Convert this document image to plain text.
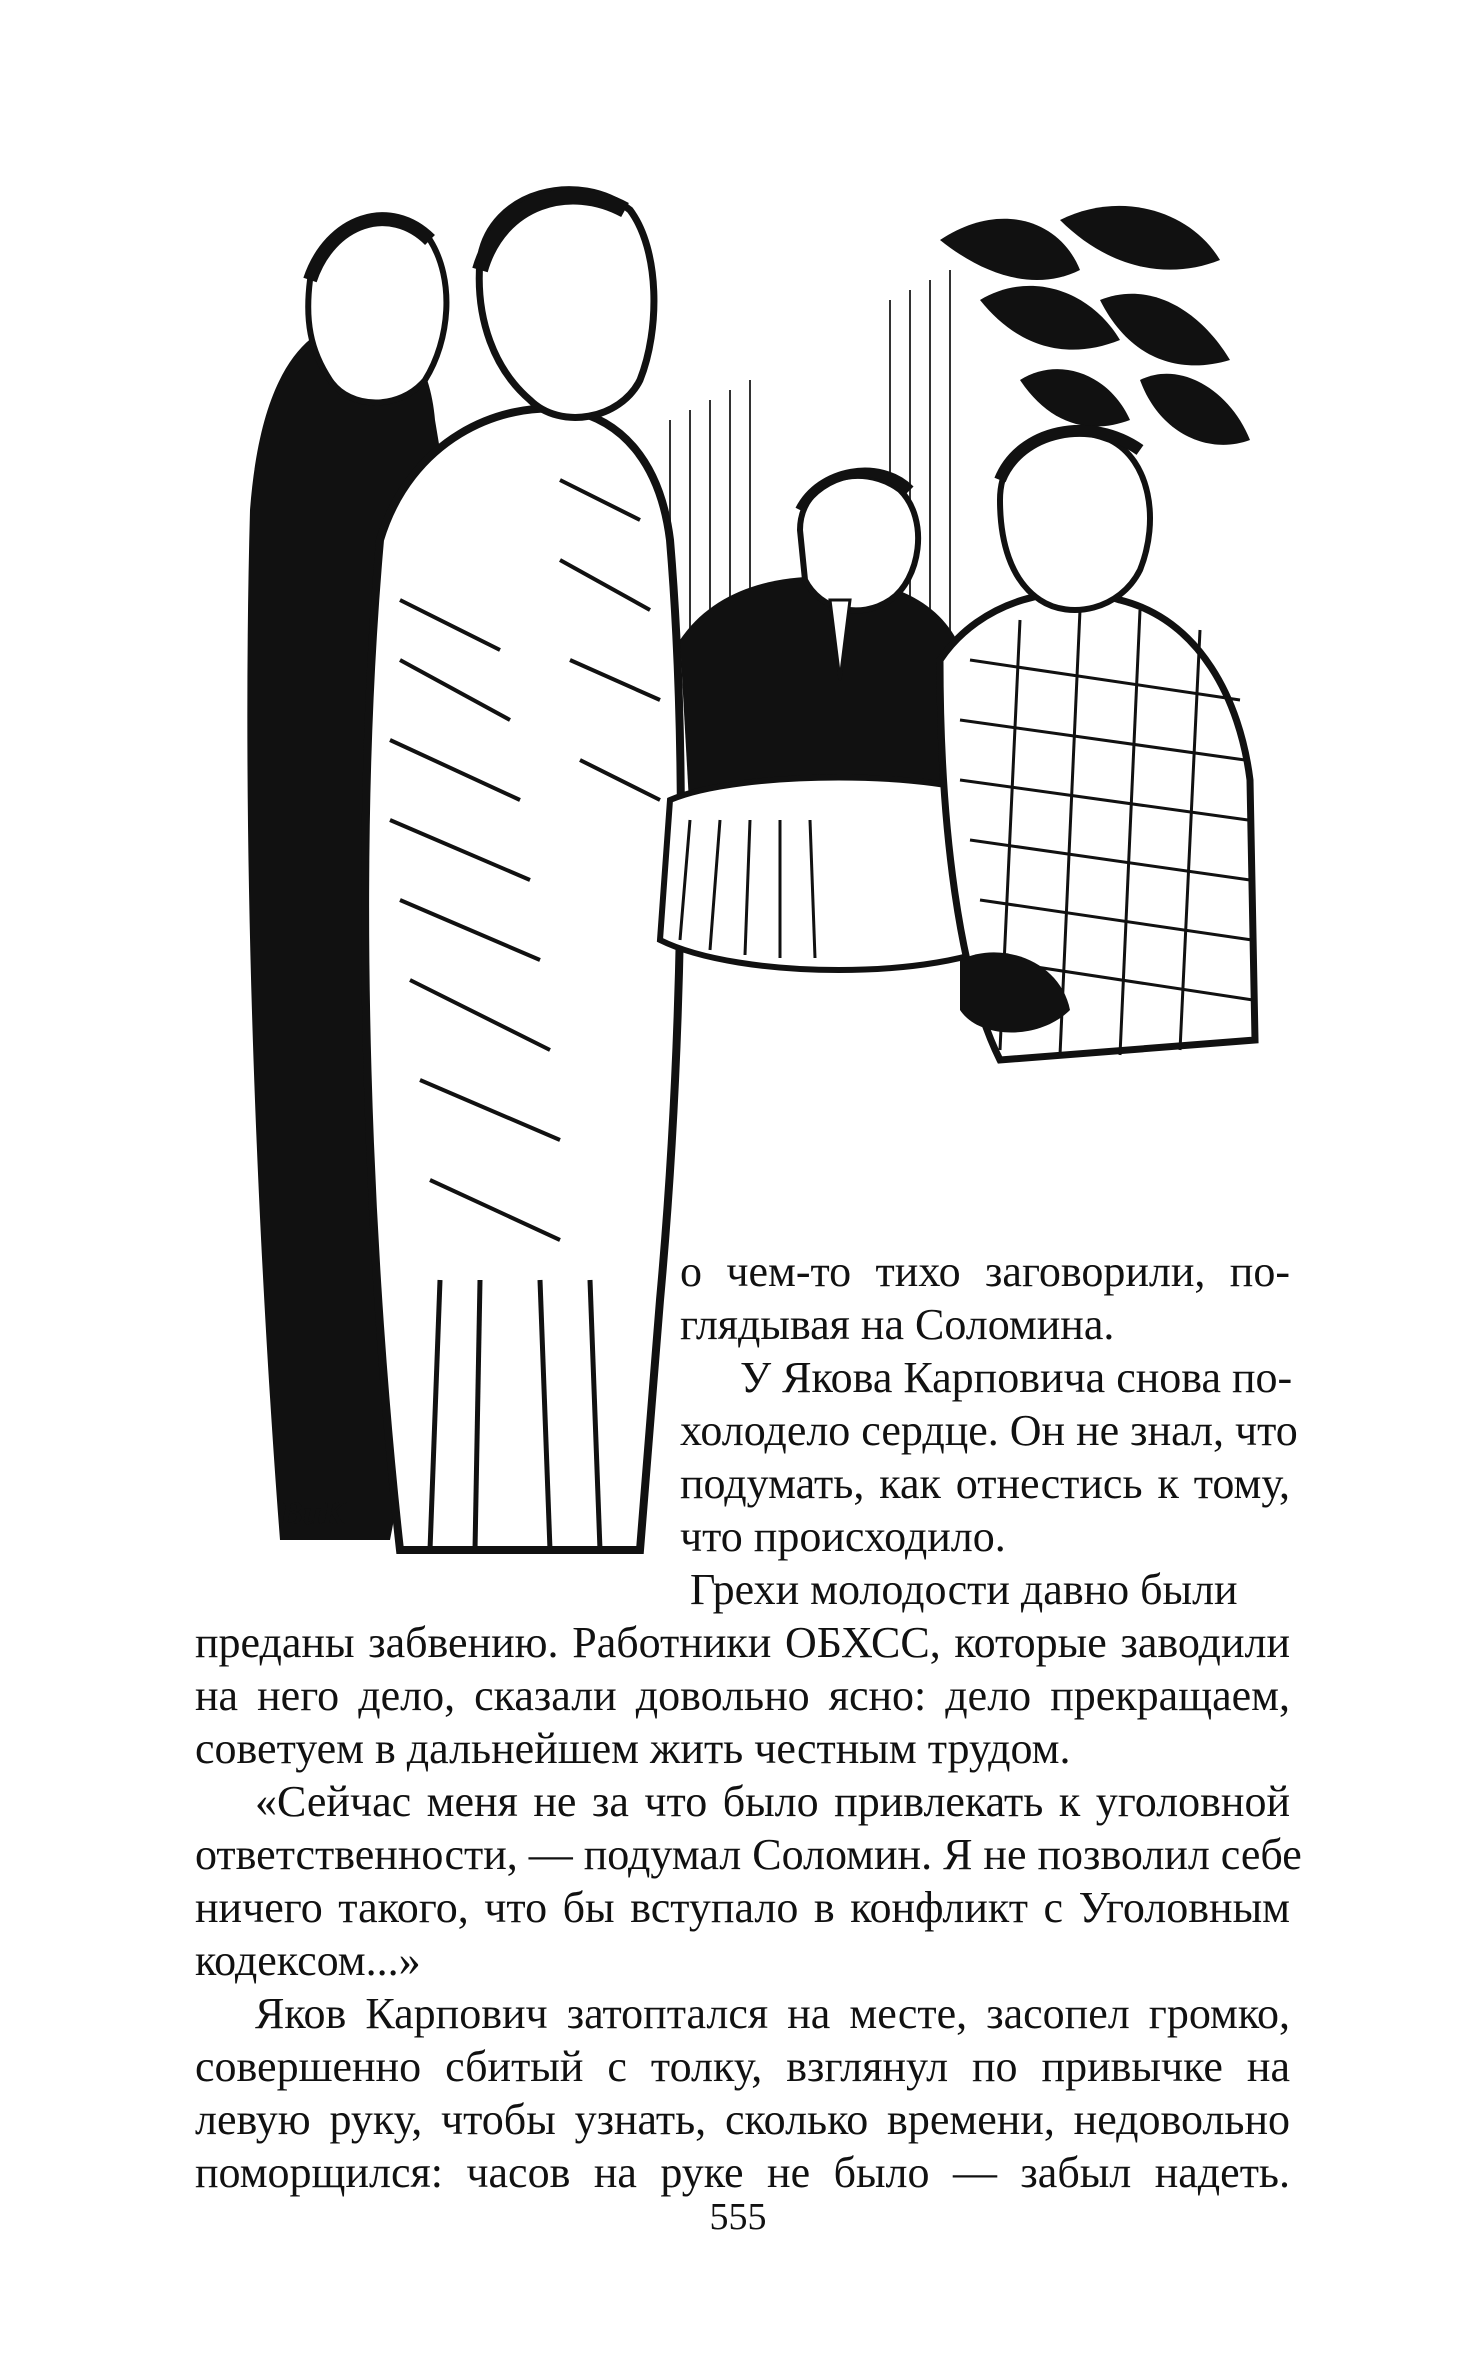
ВиК
о чем-то тихо заговорили, по-
глядывая на Соломина.
У Якова Карповича снова по-
холодело сердце. Он не знал, что
подумать, как отнестись к тому,
что происходило.
Грехи молодости давно были
преданы забвению. Работники ОБХСС, которые заводили
на него дело, сказали довольно ясно: дело прекращаем,
советуем в дальнейшем жить честным трудом.
«Сейчас меня не за что было привлекать к уголовной
ответственности, — подумал Соломин. Я не позволил себе
ничего такого, что бы вступало в конфликт с Уголовным
кодексом...»
Яков Карпович затоптался на месте, засопел громко,
совершенно сбитый с толку, взглянул по привычке на
левую руку, чтобы узнать, сколько времени, недовольно
поморщился: часов на руке не было — забыл надеть.
555
